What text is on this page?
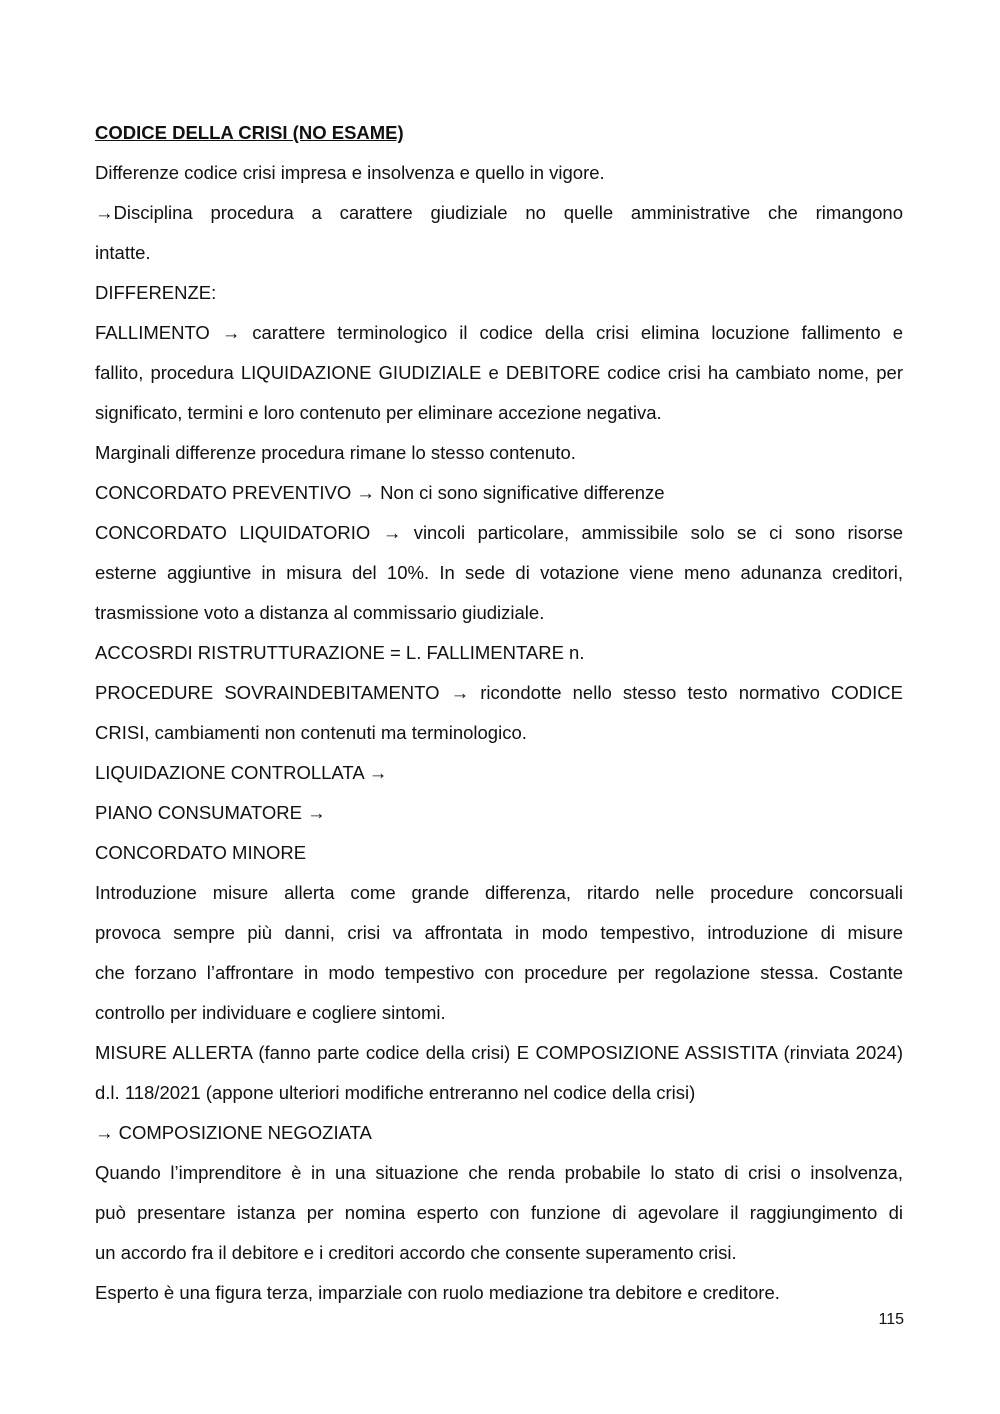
CODICE DELLA CRISI (NO ESAME)
Differenze codice crisi impresa e insolvenza e quello in vigore.
→Disciplina procedura a carattere giudiziale no quelle amministrative che rimangono
intatte.
DIFFERENZE:
FALLIMENTO → carattere terminologico il codice della crisi elimina locuzione fallimento e
fallito, procedura LIQUIDAZIONE GIUDIZIALE e DEBITORE codice crisi ha cambiato nome, per
significato, termini e loro contenuto per eliminare accezione negativa.
Marginali differenze procedura rimane lo stesso contenuto.
CONCORDATO PREVENTIVO → Non ci sono significative differenze
CONCORDATO LIQUIDATORIO → vincoli particolare, ammissibile solo se ci sono risorse
esterne aggiuntive in misura del 10%. In sede di votazione viene meno adunanza creditori,
trasmissione voto a distanza al commissario giudiziale.
ACCOSRDI RISTRUTTURAZIONE = L. FALLIMENTARE n.
PROCEDURE SOVRAINDEBITAMENTO → ricondotte nello stesso testo normativo CODICE
CRISI, cambiamenti non contenuti ma terminologico.
LIQUIDAZIONE CONTROLLATA →
PIANO CONSUMATORE →
CONCORDATO MINORE
Introduzione misure allerta come grande differenza, ritardo nelle procedure concorsuali
provoca sempre più danni, crisi va affrontata in modo tempestivo, introduzione di misure
che forzano l’affrontare in modo tempestivo con procedure per regolazione stessa. Costante
controllo per individuare e cogliere sintomi.
MISURE ALLERTA (fanno parte codice della crisi) E COMPOSIZIONE ASSISTITA (rinviata 2024)
d.l. 118/2021 (appone ulteriori modifiche entreranno nel codice della crisi)
→ COMPOSIZIONE NEGOZIATA
Quando l’imprenditore è in una situazione che renda probabile lo stato di crisi o insolvenza,
può presentare istanza per nomina esperto con funzione di agevolare il raggiungimento di
un accordo fra il debitore e i creditori accordo che consente superamento crisi.
Esperto è una figura terza, imparziale con ruolo mediazione tra debitore e creditore.
115
